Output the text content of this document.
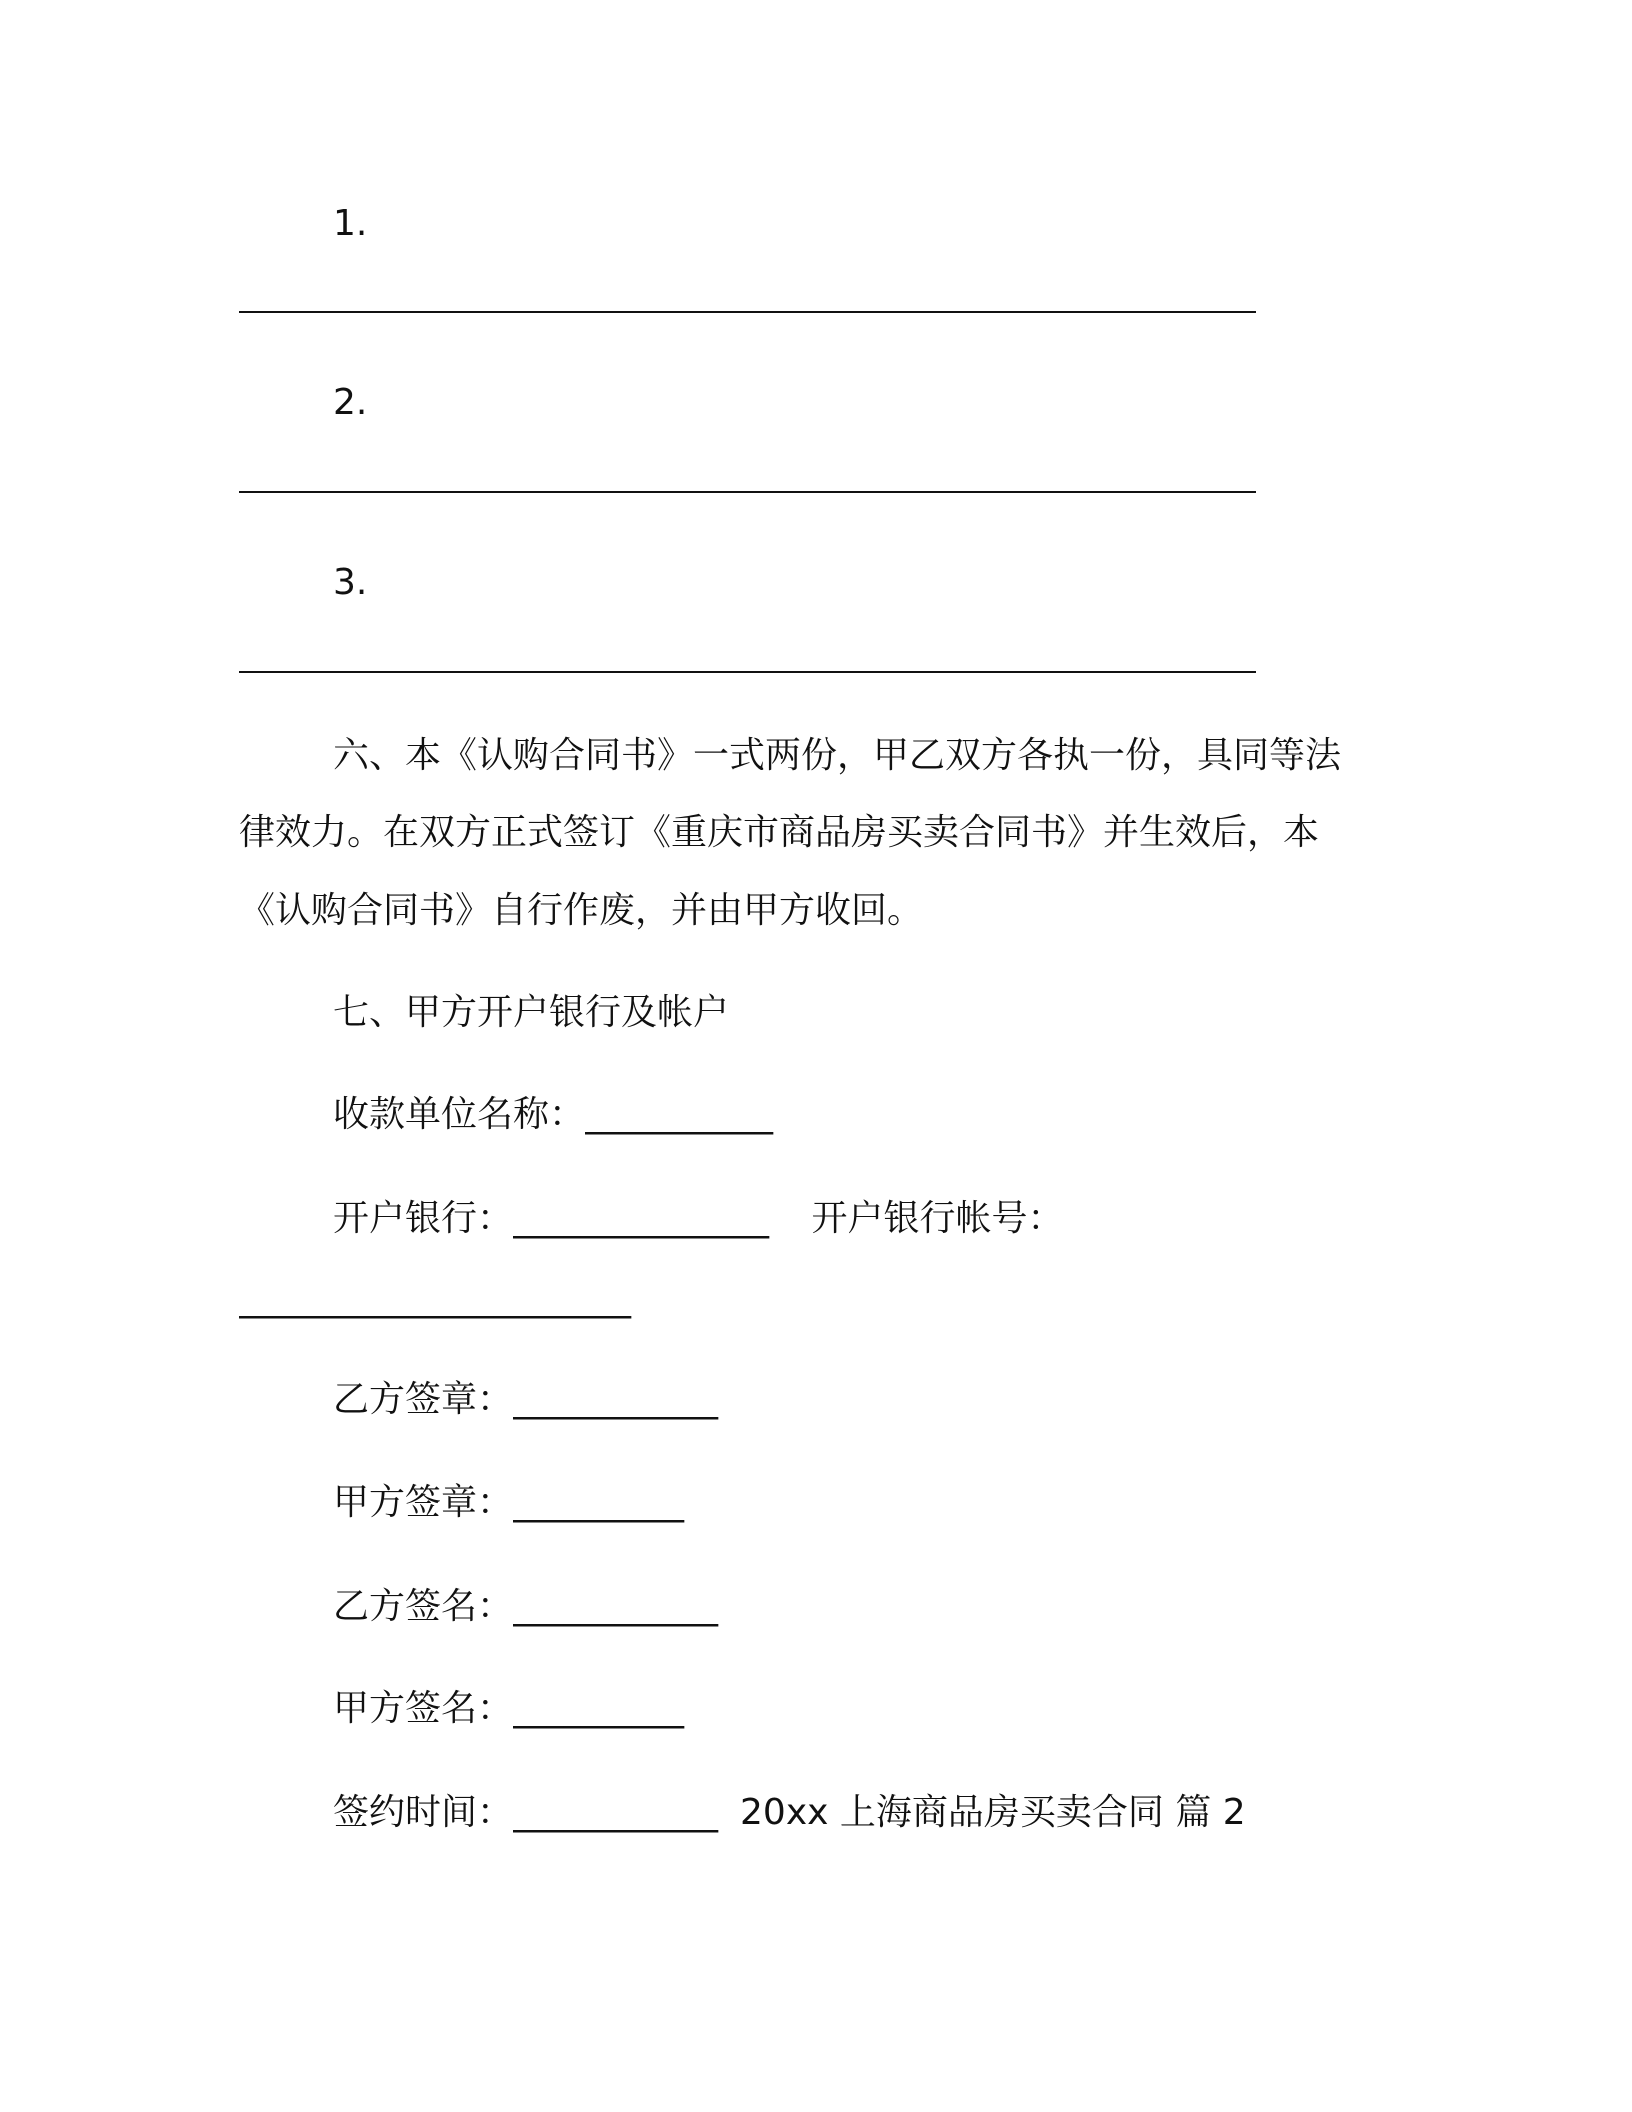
1.
2.
3.
六、本《认购合同书》一式两份，甲乙双方各执一份，具同等法
律效力。在双方正式签订《重庆市商品房买卖合同书》并生效后，本
《认购合同书》自行作废，并由甲方收回。
七、甲方开户银行及帐户
收款单位名称：___________
开户银行：_______________ 开户银行帐号：
_______________________
乙方签章：____________
甲方签章：__________
乙方签名：____________
甲方签名：__________
签约时间：____________ 20xx 上海商品房买卖合同 篇 2
